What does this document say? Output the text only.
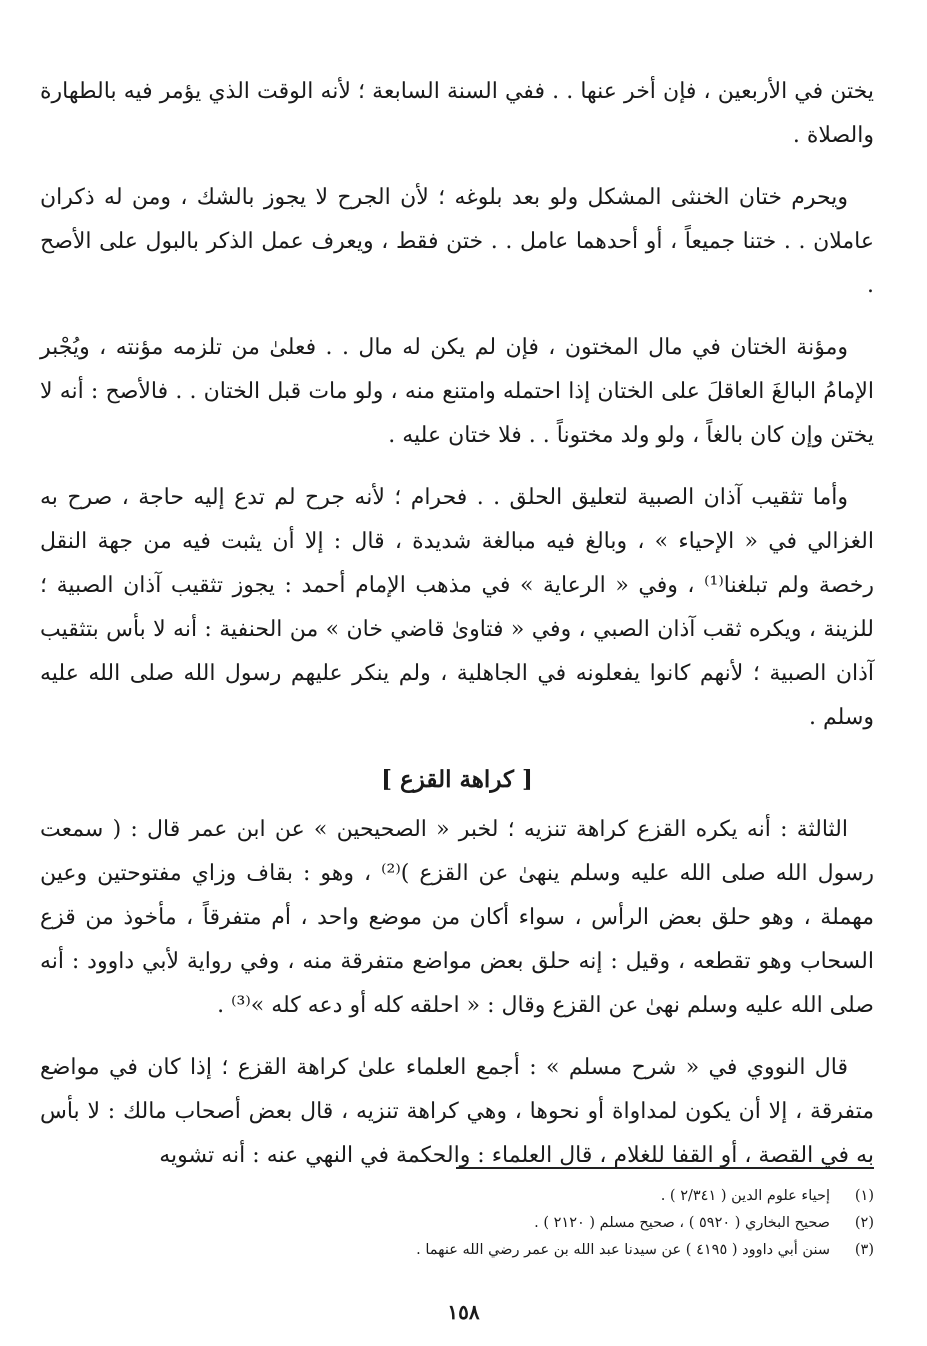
يختن في الأربعين ، فإن أخر عنها . . ففي السنة السابعة ؛ لأنه الوقت الذي يؤمر فيه بالطهارة والصلاة .

ويحرم ختان الخنثى المشكل ولو بعد بلوغه ؛ لأن الجرح لا يجوز بالشك ، ومن له ذكران عاملان . . ختنا جميعاً ، أو أحدهما عامل . . ختن فقط ، ويعرف عمل الذكر بالبول على الأصح .

ومؤنة الختان في مال المختون ، فإن لم يكن له مال . . فعلىٰ من تلزمه مؤنته ، ويُجْبر الإمامُ البالغَ العاقلَ على الختان إذا احتمله وامتنع منه ، ولو مات قبل الختان . . فالأصح : أنه لا يختن وإن كان بالغاً ، ولو ولد مختوناً . . فلا ختان عليه .

وأما تثقيب آذان الصبية لتعليق الحلق . . فحرام ؛ لأنه جرح لم تدع إليه حاجة ، صرح به الغزالي في « الإحياء » ، وبالغ فيه مبالغة شديدة ، قال : إلا أن يثبت فيه من جهة النقل رخصة ولم تبلغنا⁽¹⁾ ، وفي « الرعاية » في مذهب الإمام أحمد : يجوز تثقيب آذان الصبية ؛ للزينة ، ويكره ثقب آذان الصبي ، وفي « فتاوىٰ قاضي خان » من الحنفية : أنه لا بأس بتثقيب آذان الصبية ؛ لأنهم كانوا يفعلونه في الجاهلية ، ولم ينكر عليهم رسول الله صلى الله عليه وسلم .

[ كراهة القزع ]

الثالثة : أنه يكره القزع كراهة تنزيه ؛ لخبر « الصحيحين » عن ابن عمر قال : ( سمعت رسول الله صلى الله عليه وسلم ينهىٰ عن القزع )⁽²⁾ ، وهو : بقاف وزاي مفتوحتين وعين مهملة ، وهو حلق بعض الرأس ، سواء أكان من موضع واحد ، أم متفرقاً ، مأخوذ من قزع السحاب وهو تقطعه ، وقيل : إنه حلق بعض مواضع متفرقة منه ، وفي رواية لأبي داوود : أنه صلى الله عليه وسلم نهىٰ عن القزع وقال : « احلقه كله أو دعه كله »⁽³⁾ .

قال النووي في « شرح مسلم » : أجمع العلماء علىٰ كراهة القزع ؛ إذا كان في مواضع متفرقة ، إلا أن يكون لمداواة أو نحوها ، وهي كراهة تنزيه ، قال بعض أصحاب مالك : لا بأس به في القصة ، أو القفا للغلام ، قال العلماء : والحكمة في النهي عنه : أنه تشويه

(١)
إحياء علوم الدين ( ٢/٣٤١ ) .
(٢)
صحيح البخاري ( ٥٩٢٠ ) ، صحيح مسلم ( ٢١٢٠ ) .
(٣)
سنن أبي داوود ( ٤١٩٥ ) عن سيدنا عبد الله بن عمر رضي الله عنهما .
١٥٨
